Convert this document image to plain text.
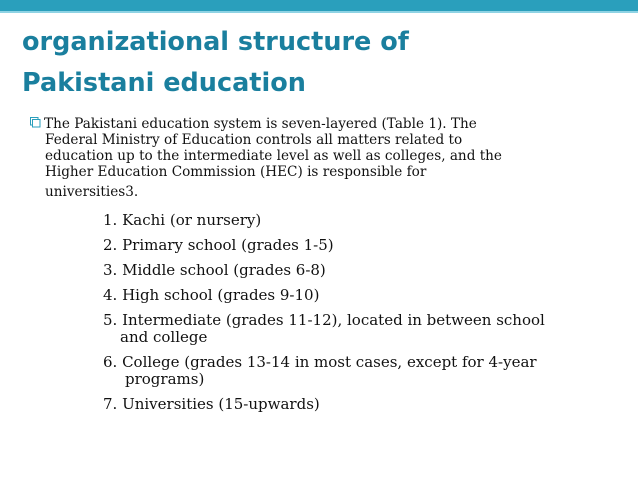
organizational structure of
Pakistani education
The Pakistani education system is seven-layered (Table 1). The
Federal Ministry of Education controls all matters related to
education up to the intermediate level as well as colleges, and the
Higher Education Commission (HEC) is responsible for
universities3.
1. Kachi (or nursery)
2. Primary school (grades 1-5)
3. Middle school (grades 6-8)
4. High school (grades 9-10)
5. Intermediate (grades 11-12), located in between school
and college
6. College (grades 13-14 in most cases, except for 4-year
programs)
7. Universities (15-upwards)
